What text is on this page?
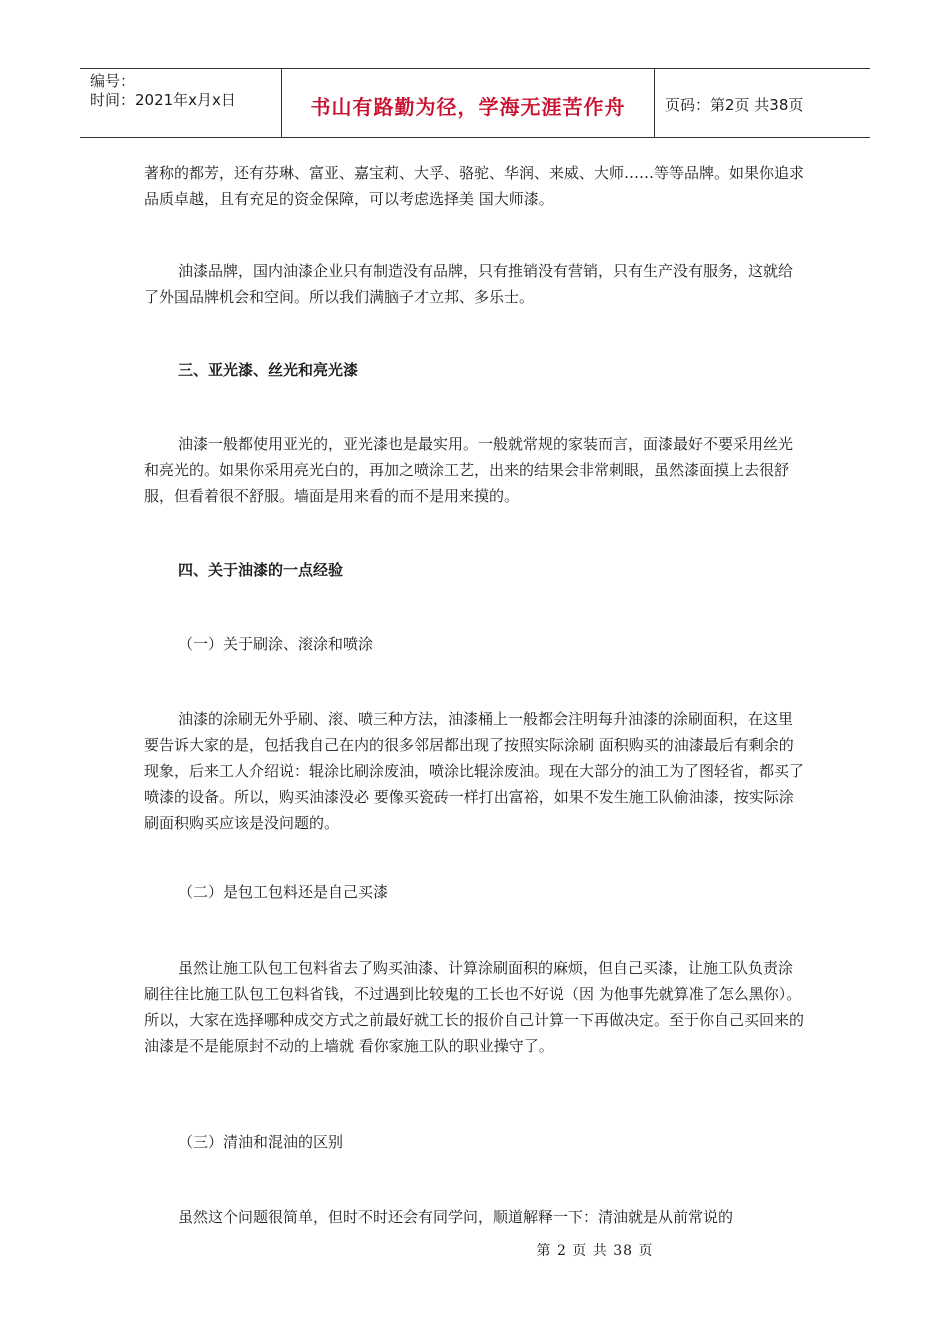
编号：
时间：2021年x月x日	书山有路勤为径，学海无涯苦作舟	页码：第2页 共38页

著称的都芳，还有芬琳、富亚、嘉宝莉、大孚、骆驼、华润、来威、大师……等等品牌。如果你追求品质卓越，且有充足的资金保障，可以考虑选择美 国大师漆。

油漆品牌，国内油漆企业只有制造没有品牌，只有推销没有营销，只有生产没有服务，这就给了外国品牌机会和空间。所以我们满脑子才立邦、多乐士。

三、亚光漆、丝光和亮光漆

油漆一般都使用亚光的，亚光漆也是最实用。一般就常规的家装而言，面漆最好不要采用丝光和亮光的。如果你采用亮光白的，再加之喷涂工艺，出来的结果会非常刺眼，虽然漆面摸上去很舒服，但看着很不舒服。墙面是用来看的而不是用来摸的。

四、关于油漆的一点经验
（一）关于刷涂、滚涂和喷涂

油漆的涂刷无外乎刷、滚、喷三种方法，油漆桶上一般都会注明每升油漆的涂刷面积，在这里要告诉大家的是，包括我自己在内的很多邻居都出现了按照实际涂刷 面积购买的油漆最后有剩余的现象，后来工人介绍说：辊涂比刷涂废油，喷涂比辊涂废油。现在大部分的油工为了图轻省，都买了喷漆的设备。所以，购买油漆没必 要像买瓷砖一样打出富裕，如果不发生施工队偷油漆，按实际涂刷面积购买应该是没问题的。

（二）是包工包料还是自己买漆

虽然让施工队包工包料省去了购买油漆、计算涂刷面积的麻烦，但自己买漆，让施工队负责涂刷往往比施工队包工包料省钱，不过遇到比较鬼的工长也不好说（因 为他事先就算准了怎么黑你）。所以，大家在选择哪种成交方式之前最好就工长的报价自己计算一下再做决定。至于你自己买回来的油漆是不是能原封不动的上墙就 看你家施工队的职业操守了。

（三）清油和混油的区别

虽然这个问题很简单，但时不时还会有同学问，顺道解释一下：清油就是从前常说的

第 2 页 共 38 页
